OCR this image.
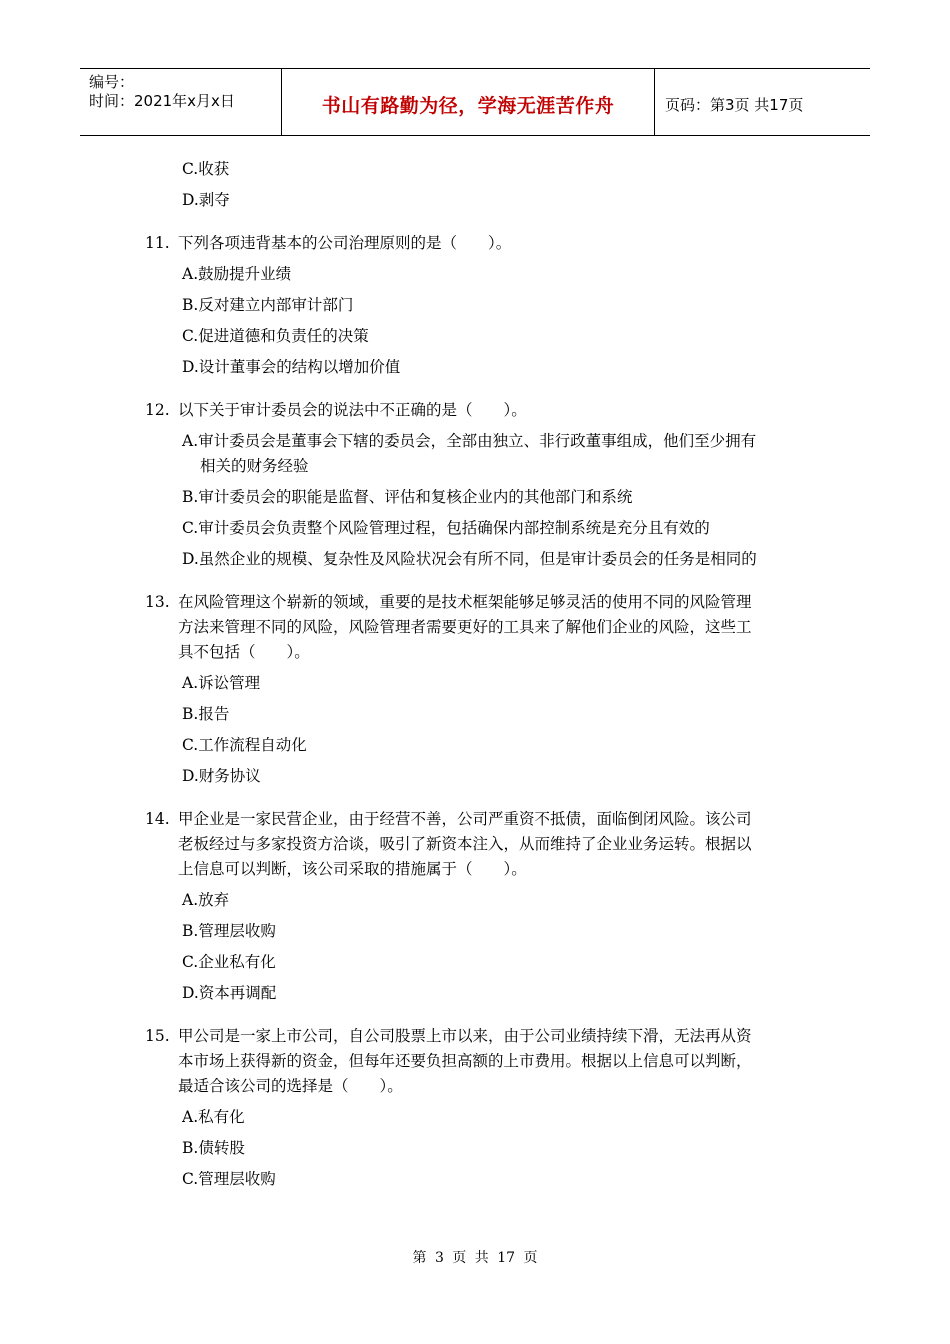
编号：
时间：2021年x月x日	书山有路勤为径，学海无涯苦作舟	页码：第3页 共17页
C.收获
D.剥夺
11. 下列各项违背基本的公司治理原则的是（　　）。
A.鼓励提升业绩
B.反对建立内部审计部门
C.促进道德和负责任的决策
D.设计董事会的结构以增加价值
12. 以下关于审计委员会的说法中不正确的是（　　）。
A.审计委员会是董事会下辖的委员会，全部由独立、非行政董事组成，他们至少拥有
相关的财务经验
B.审计委员会的职能是监督、评估和复核企业内的其他部门和系统
C.审计委员会负责整个风险管理过程，包括确保内部控制系统是充分且有效的
D.虽然企业的规模、复杂性及风险状况会有所不同，但是审计委员会的任务是相同的
13. 在风险管理这个崭新的领域，重要的是技术框架能够足够灵活的使用不同的风险管理
方法来管理不同的风险，风险管理者需要更好的工具来了解他们企业的风险，这些工
具不包括（　　）。
A.诉讼管理
B.报告
C.工作流程自动化
D.财务协议
14. 甲企业是一家民营企业，由于经营不善，公司严重资不抵债，面临倒闭风险。该公司
老板经过与多家投资方洽谈，吸引了新资本注入，从而维持了企业业务运转。根据以
上信息可以判断，该公司采取的措施属于（　　）。
A.放弃
B.管理层收购
C.企业私有化
D.资本再调配
15. 甲公司是一家上市公司，自公司股票上市以来，由于公司业绩持续下滑，无法再从资
本市场上获得新的资金，但每年还要负担高额的上市费用。根据以上信息可以判断，
最适合该公司的选择是（　　）。
A.私有化
B.债转股
C.管理层收购
第 3 页 共 17 页
